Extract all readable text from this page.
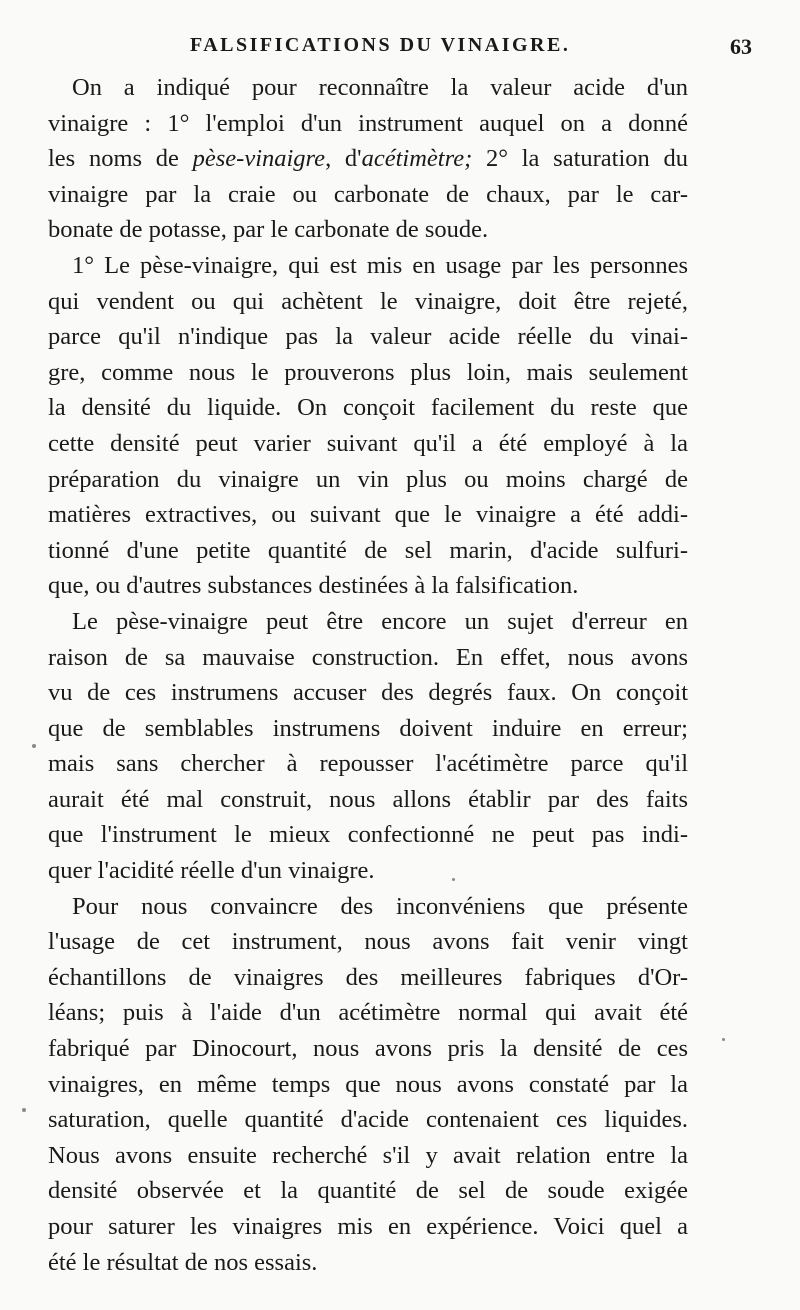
FALSIFICATIONS DU VINAIGRE.	63
On a indiqué pour reconnaître la valeur acide d'un
vinaigre : 1° l'emploi d'un instrument auquel on a donné
les noms de pèse-vinaigre, d'acétimètre; 2° la saturation du
vinaigre par la craie ou carbonate de chaux, par le car-
bonate de potasse, par le carbonate de soude.
1° Le pèse-vinaigre, qui est mis en usage par les personnes
qui vendent ou qui achètent le vinaigre, doit être rejeté,
parce qu'il n'indique pas la valeur acide réelle du vinai-
gre, comme nous le prouverons plus loin, mais seulement
la densité du liquide. On conçoit facilement du reste que
cette densité peut varier suivant qu'il a été employé à la
préparation du vinaigre un vin plus ou moins chargé de
matières extractives, ou suivant que le vinaigre a été addi-
tionné d'une petite quantité de sel marin, d'acide sulfuri-
que, ou d'autres substances destinées à la falsification.
Le pèse-vinaigre peut être encore un sujet d'erreur en
raison de sa mauvaise construction. En effet, nous avons
vu de ces instrumens accuser des degrés faux. On conçoit
que de semblables instrumens doivent induire en erreur;
mais sans chercher à repousser l'acétimètre parce qu'il
aurait été mal construit, nous allons établir par des faits
que l'instrument le mieux confectionné ne peut pas indi-
quer l'acidité réelle d'un vinaigre.
Pour nous convaincre des inconvéniens que présente
l'usage de cet instrument, nous avons fait venir vingt
échantillons de vinaigres des meilleures fabriques d'Or-
léans; puis à l'aide d'un acétimètre normal qui avait été
fabriqué par Dinocourt, nous avons pris la densité de ces
vinaigres, en même temps que nous avons constaté par la
saturation, quelle quantité d'acide contenaient ces liquides.
Nous avons ensuite recherché s'il y avait relation entre la
densité observée et la quantité de sel de soude exigée
pour saturer les vinaigres mis en expérience. Voici quel a
été le résultat de nos essais.
